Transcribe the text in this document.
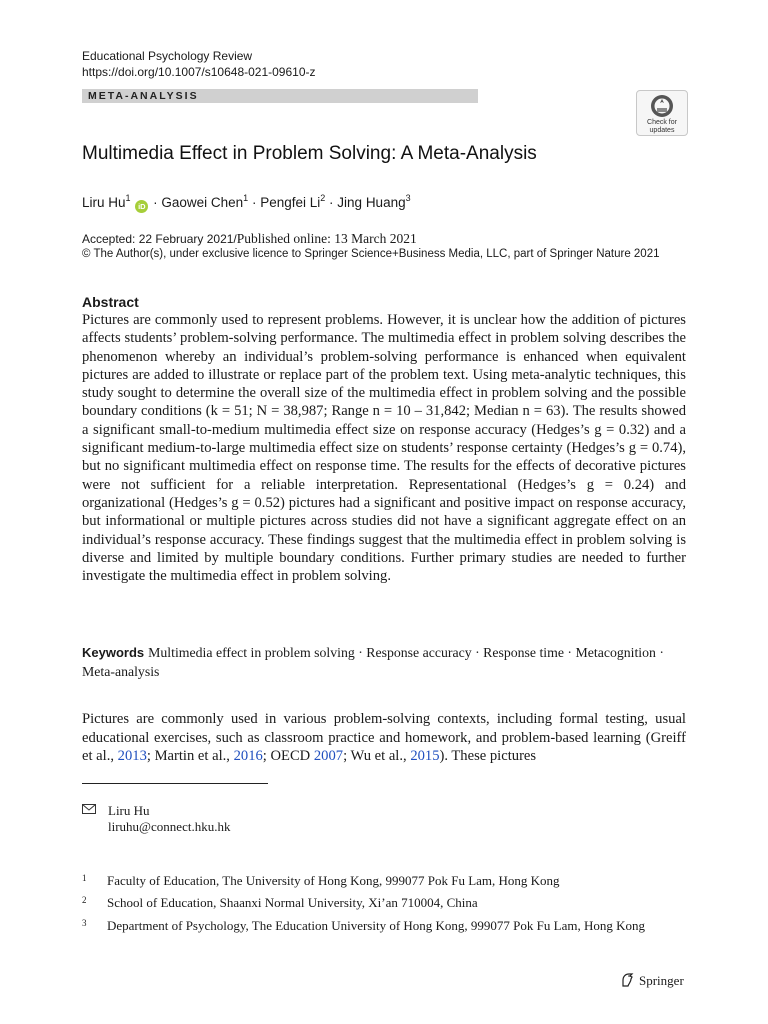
Educational Psychology Review
https://doi.org/10.1007/s10648-021-09610-z
META-ANALYSIS
Check for updates
Multimedia Effect in Problem Solving: A Meta-Analysis
Liru Hu$^1$ iD · Gaowei Chen$^1$ · Pengfei $Li^2$ · Jing Huang$^3$
Accepted: 22 February 2021/Published online: 13 March 2021
© The Author(s), under exclusive licence to Springer Science+Business Media, LLC, part of Springer Nature 2021
Abstract

Pictures are commonly used to represent problems. However, it is unclear how the addition of pictures affects students’ problem-solving performance. The multimedia effect in problem solving describes the phenomenon whereby an individual’s problem-solving performance is enhanced when equivalent pictures are added to illustrate or replace part of the problem text. Using meta-analytic techniques, this study sought to determine the overall size of the multimedia effect in problem solving and the possible boundary conditions (k = 51; N = 38,987; Range n = 10 – 31,842; Median n = 63). The results showed a significant small-to-medium multimedia effect size on response accuracy (Hedges’s g = 0.32) and a significant medium-to-large multimedia effect size on students’ response certainty (Hedges’s g = 0.74), but no significant multimedia effect on response time. The results for the effects of decorative pictures were not sufficient for a reliable interpretation. Representational (Hedges’s g = 0.24) and organizational (Hedges’s g = 0.52) pictures had a significant and positive impact on response accuracy, but informational or multiple pictures across studies did not have a significant aggregate effect on an individual’s response accuracy. These findings suggest that the multimedia effect in problem solving is diverse and limited by multiple boundary conditions. Further primary studies are needed to further investigate the multimedia effect in problem solving.

Keywords Multimedia effect in problem solving · Response accuracy · Response time · Metacognition · Meta-analysis

Pictures are commonly used in various problem-solving contexts, including formal testing, usual educational exercises, such as classroom practice and homework, and problem-based learning (Greiff et al., 2013; Martin et al., 2016; OECD 2007; Wu et al., 2015). These pictures

Liru Hu
liruhu@connect.hku.hk
1 Faculty of Education, The University of Hong Kong, 999077 Pok Fu Lam, Hong Kong
2 School of Education, Shaanxi Normal University, Xi’an 710004, China
3 Department of Psychology, The Education University of Hong Kong, 999077 Pok Fu Lam, Hong Kong
Springer
